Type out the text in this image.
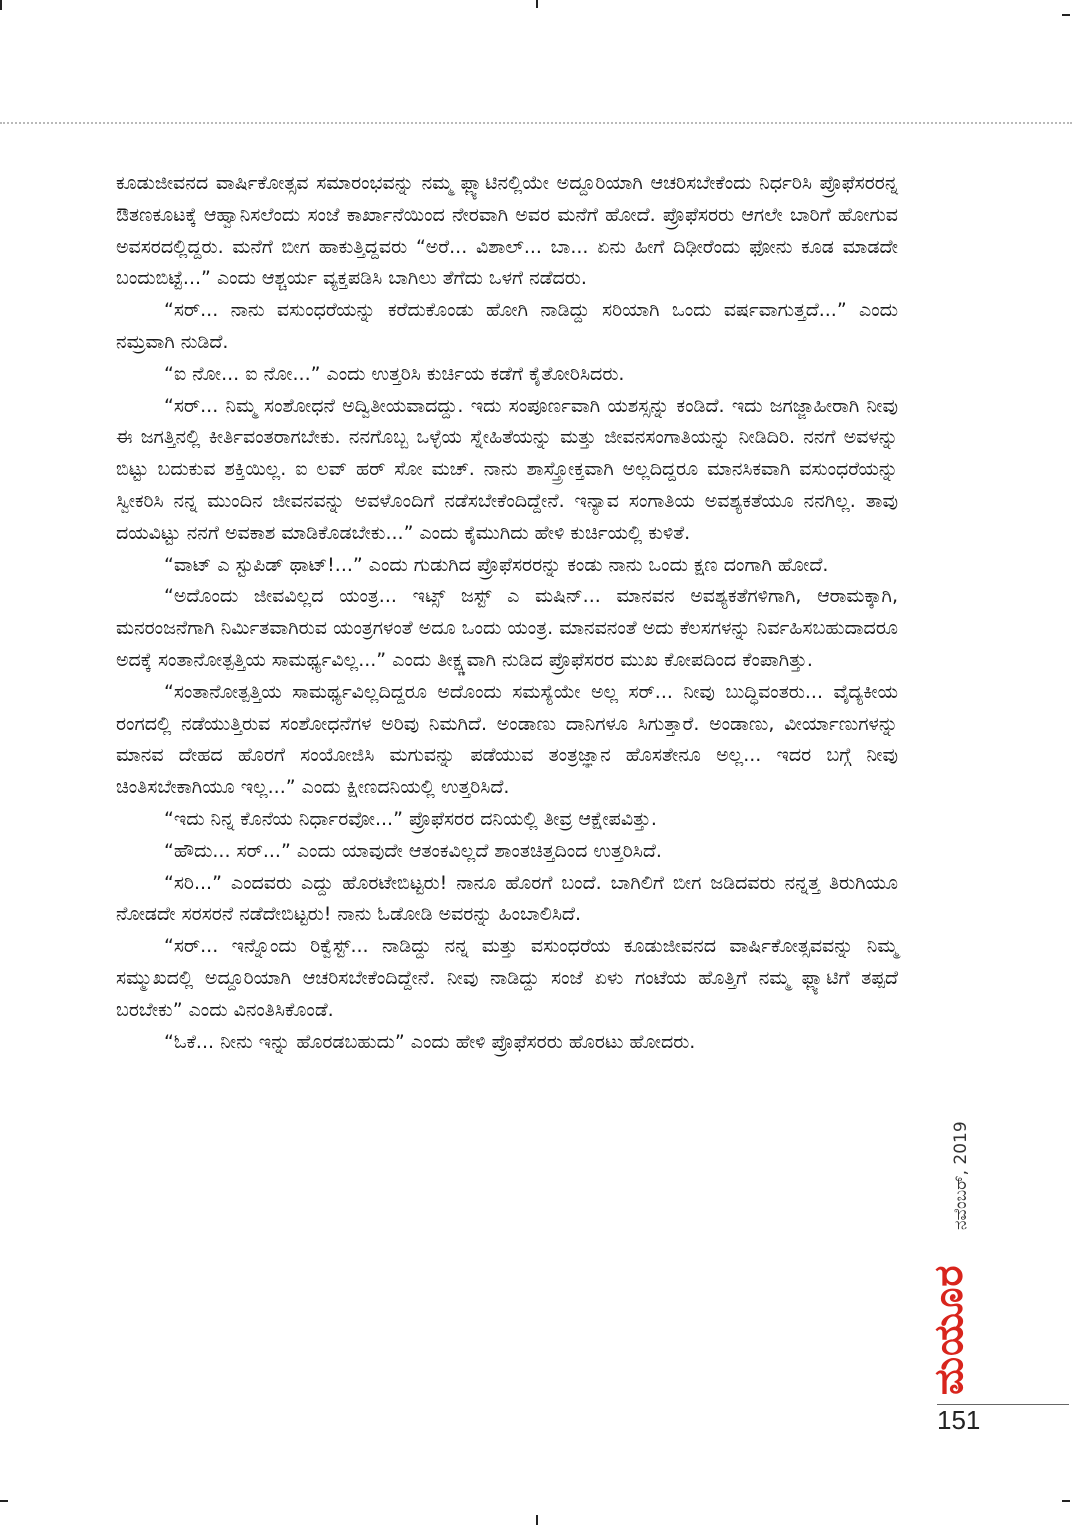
ಕೂಡುಜೀವನದ ವಾರ್ಷಿಕೋತ್ಸವ ಸಮಾರಂಭವನ್ನು ನಮ್ಮ ಫ್ಲ್ಯಾಟಿನಲ್ಲಿಯೇ ಅದ್ದೂರಿಯಾಗಿ ಆಚರಿಸಬೇಕೆಂದು ನಿರ್ಧರಿಸಿ ಪ್ರೊಫೆಸರರನ್ನ ಔತಣಕೂಟಕ್ಕೆ ಆಹ್ವಾನಿಸಲೆಂದು ಸಂಜೆ ಕಾರ್ಖಾನೆಯಿಂದ ನೇರವಾಗಿ ಅವರ ಮನೆಗೆ ಹೋದೆ. ಪ್ರೊಫೆಸರರು ಆಗಲೇ ಬಾರಿಗೆ ಹೋಗುವ ಅವಸರದಲ್ಲಿದ್ದರು. ಮನೆಗೆ ಬೀಗ ಹಾಕುತ್ತಿದ್ದವರು “ಅರೆ... ವಿಶಾಲ್... ಬಾ... ಏನು ಹೀಗೆ ದಿಢೀರೆಂದು ಫೋನು ಕೂಡ ಮಾಡದೇ ಬಂದುಬಿಟ್ಟೆ...” ಎಂದು ಆಶ್ಚರ್ಯ ವ್ಯಕ್ತಪಡಿಸಿ ಬಾಗಿಲು ತೆಗೆದು ಒಳಗೆ ನಡೆದರು.

“ಸರ್... ನಾನು ವಸುಂಧರೆಯನ್ನು ಕರೆದುಕೊಂಡು ಹೋಗಿ ನಾಡಿದ್ದು ಸರಿಯಾಗಿ ಒಂದು ವರ್ಷವಾಗುತ್ತದೆ...” ಎಂದು ನಮ್ರವಾಗಿ ನುಡಿದೆ.

“ಐ ನೋ... ಐ ನೋ...” ಎಂದು ಉತ್ತರಿಸಿ ಕುರ್ಚಿಯ ಕಡೆಗೆ ಕೈತೋರಿಸಿದರು.

“ಸರ್... ನಿಮ್ಮ ಸಂಶೋಧನೆ ಅದ್ವಿತೀಯವಾದದ್ದು. ಇದು ಸಂಪೂರ್ಣವಾಗಿ ಯಶಸ್ಸನ್ನು ಕಂಡಿದೆ. ಇದು ಜಗಜ್ಜಾಹೀರಾಗಿ ನೀವು ಈ ಜಗತ್ತಿನಲ್ಲಿ ಕೀರ್ತಿವಂತರಾಗಬೇಕು. ನನಗೊಬ್ಬ ಒಳ್ಳೆಯ ಸ್ನೇಹಿತೆಯನ್ನು ಮತ್ತು ಜೀವನಸಂಗಾತಿಯನ್ನು ನೀಡಿದಿರಿ. ನನಗೆ ಅವಳನ್ನು ಬಿಟ್ಟು ಬದುಕುವ ಶಕ್ತಿಯಿಲ್ಲ. ಐ ಲವ್ ಹರ್ ಸೋ ಮಚ್. ನಾನು ಶಾಸ್ತ್ರೋಕ್ತವಾಗಿ ಅಲ್ಲದಿದ್ದರೂ ಮಾನಸಿಕವಾಗಿ ವಸುಂಧರೆಯನ್ನು ಸ್ವೀಕರಿಸಿ ನನ್ನ ಮುಂದಿನ ಜೀವನವನ್ನು ಅವಳೊಂದಿಗೆ ನಡೆಸಬೇಕೆಂದಿದ್ದೇನೆ. ಇನ್ಯಾವ ಸಂಗಾತಿಯ ಅವಶ್ಯಕತೆಯೂ ನನಗಿಲ್ಲ. ತಾವು ದಯವಿಟ್ಟು ನನಗೆ ಅವಕಾಶ ಮಾಡಿಕೊಡಬೇಕು...” ಎಂದು ಕೈಮುಗಿದು ಹೇಳಿ ಕುರ್ಚಿಯಲ್ಲಿ ಕುಳಿತೆ.

“ವಾಟ್ ಎ ಸ್ಟುಪಿಡ್ ಥಾಟ್!...” ಎಂದು ಗುಡುಗಿದ ಪ್ರೊಫೆಸರರನ್ನು ಕಂಡು ನಾನು ಒಂದು ಕ್ಷಣ ದಂಗಾಗಿ ಹೋದೆ.

“ಅದೊಂದು ಜೀವವಿಲ್ಲದ ಯಂತ್ರ... ಇಟ್ಸ್ ಜಸ್ಟ್ ಎ ಮಷಿನ್... ಮಾನವನ ಅವಶ್ಯಕತೆಗಳಿಗಾಗಿ, ಆರಾಮಕ್ಕಾಗಿ, ಮನರಂಜನೆಗಾಗಿ ನಿರ್ಮಿತವಾಗಿರುವ ಯಂತ್ರಗಳಂತೆ ಅದೂ ಒಂದು ಯಂತ್ರ. ಮಾನವನಂತೆ ಅದು ಕೆಲಸಗಳನ್ನು ನಿರ್ವಹಿಸಬಹುದಾದರೂ ಅದಕ್ಕೆ ಸಂತಾನೋತ್ಪತ್ತಿಯ ಸಾಮರ್ಥ್ಯವಿಲ್ಲ...” ಎಂದು ತೀಕ್ಷ್ಣವಾಗಿ ನುಡಿದ ಪ್ರೊಫೆಸರರ ಮುಖ ಕೋಪದಿಂದ ಕೆಂಪಾಗಿತ್ತು.

“ಸಂತಾನೋತ್ಪತ್ತಿಯ ಸಾಮರ್ಥ್ಯವಿಲ್ಲದಿದ್ದರೂ ಅದೊಂದು ಸಮಸ್ಯೆಯೇ ಅಲ್ಲ ಸರ್... ನೀವು ಬುದ್ಧಿವಂತರು... ವೈದ್ಯಕೀಯ ರಂಗದಲ್ಲಿ ನಡೆಯುತ್ತಿರುವ ಸಂಶೋಧನೆಗಳ ಅರಿವು ನಿಮಗಿದೆ. ಅಂಡಾಣು ದಾನಿಗಳೂ ಸಿಗುತ್ತಾರೆ. ಅಂಡಾಣು, ವೀರ್ಯಾಣುಗಳನ್ನು ಮಾನವ ದೇಹದ ಹೊರಗೆ ಸಂಯೋಜಿಸಿ ಮಗುವನ್ನು ಪಡೆಯುವ ತಂತ್ರಜ್ಞಾನ ಹೊಸತೇನೂ ಅಲ್ಲ... ಇದರ ಬಗ್ಗೆ ನೀವು ಚಿಂತಿಸಬೇಕಾಗಿಯೂ ಇಲ್ಲ...” ಎಂದು ಕ್ಷೀಣದನಿಯಲ್ಲಿ ಉತ್ತರಿಸಿದೆ.

“ಇದು ನಿನ್ನ ಕೊನೆಯ ನಿರ್ಧಾರವೋ...” ಪ್ರೊಫೆಸರರ ದನಿಯಲ್ಲಿ ತೀವ್ರ ಆಕ್ಷೇಪವಿತ್ತು.

“ಹೌದು... ಸರ್...” ಎಂದು ಯಾವುದೇ ಆತಂಕವಿಲ್ಲದೆ ಶಾಂತಚಿತ್ತದಿಂದ ಉತ್ತರಿಸಿದೆ.

“ಸರಿ...” ಎಂದವರು ಎದ್ದು ಹೊರಟೇಬಿಟ್ಟರು! ನಾನೂ ಹೊರಗೆ ಬಂದೆ. ಬಾಗಿಲಿಗೆ ಬೀಗ ಜಡಿದವರು ನನ್ನತ್ತ ತಿರುಗಿಯೂ ನೋಡದೇ ಸರಸರನೆ ನಡೆದೇಬಿಟ್ಟರು! ನಾನು ಓಡೋಡಿ ಅವರನ್ನು ಹಿಂಬಾಲಿಸಿದೆ.

“ಸರ್... ಇನ್ನೊಂದು ರಿಕ್ವೆಸ್ಟ್... ನಾಡಿದ್ದು ನನ್ನ ಮತ್ತು ವಸುಂಧರೆಯ ಕೂಡುಜೀವನದ ವಾರ್ಷಿಕೋತ್ಸವವನ್ನು ನಿಮ್ಮ ಸಮ್ಮುಖದಲ್ಲಿ ಅದ್ದೂರಿಯಾಗಿ ಆಚರಿಸಬೇಕೆಂದಿದ್ದೇನೆ. ನೀವು ನಾಡಿದ್ದು ಸಂಜೆ ಏಳು ಗಂಟೆಯ ಹೊತ್ತಿಗೆ ನಮ್ಮ ಫ್ಲ್ಯಾಟಿಗೆ ತಪ್ಪದೆ ಬರಬೇಕು” ಎಂದು ವಿನಂತಿಸಿಕೊಂಡೆ.

“ಓಕೆ... ನೀನು ಇನ್ನು ಹೊರಡಬಹುದು” ಎಂದು ಹೇಳಿ ಪ್ರೊಫೆಸರರು ಹೊರಟು ಹೋದರು.

ನವೆಂಬರ್, 2019
ಮಯೂರ
151
